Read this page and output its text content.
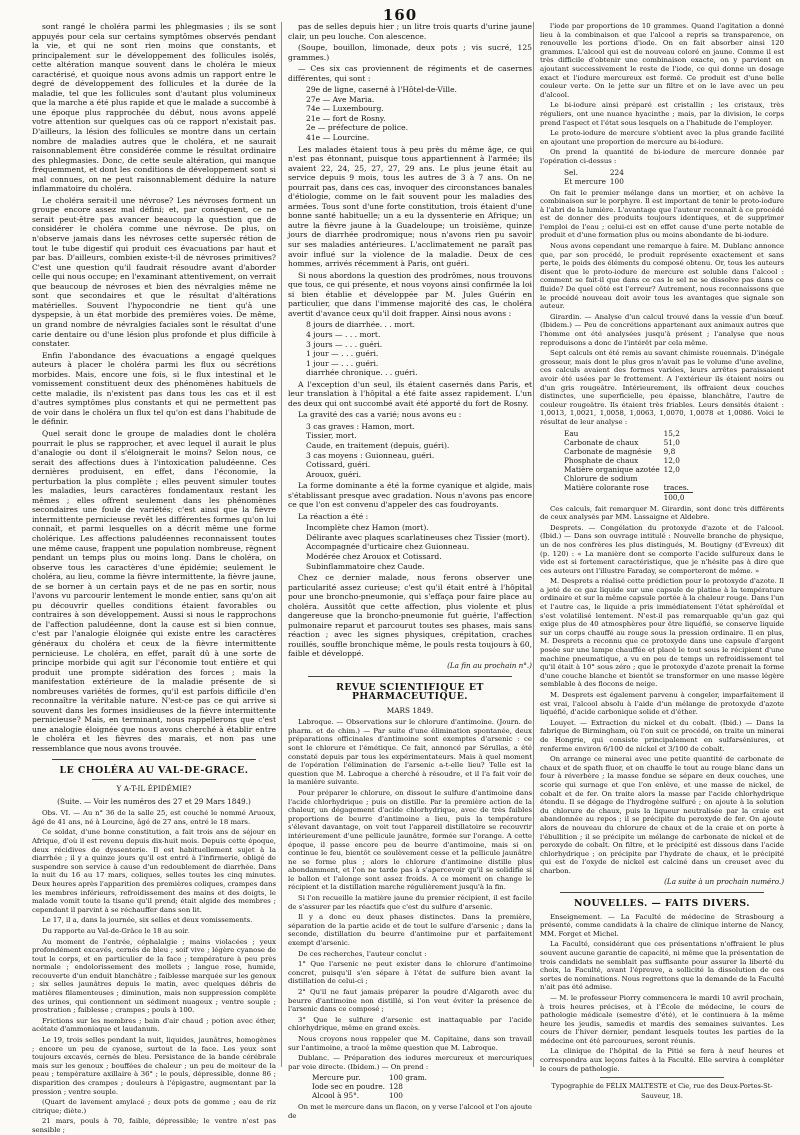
160

sont rangé le choléra parmi les phlegmasies ; ils se sont appuyés pour cela sur certains symptômes observés pendant la vie, et qui ne sont rien moins que constants, et principalement sur le développement des follicules isolés, cette altération manque souvent dans le choléra le mieux caractérisé, et quoique nous avons admis un rapport entre le degré de développement des follicules et la durée de la maladie, tel que les follicules sont d'autant plus volumineux que la marche a été plus rapide et que le malade a succombé à une époque plus rapprochée du début, nous avons appelé votre attention sur quelques cas où ce rapport n'existait pas. D'ailleurs, la lésion des follicules se montre dans un certain nombre de maladies autres que le choléra, et ne saurait raisonnablement être considérée comme le résultat ordinaire des phlegmasies. Donc, de cette seule altération, qui manque fréquemment, et dont les conditions de développement sont si mal connues, on ne peut raisonnablement déduire la nature inflammatoire du choléra.

Le choléra serait-il une névrose? Les névroses forment un groupe encore assez mal défini; et, par conséquent, ce ne serait peut-être pas avancer beaucoup la question que de considérer le choléra comme une névrose. De plus, on n'observe jamais dans les névroses cette superséc rétion de tout le tube digestif qui produit ces évacuations par haut et par bas. D'ailleurs, combien existe-t-il de névroses primitives? C'est une question qu'il faudrait résoudre avant d'aborder celle qui nous occupe; en l'examinant attentivement, on verrait que beaucoup de névroses et bien des névralgies même ne sont que secondaires et que le résultat d'altérations matérielles. Souvent l'hypocondrie ne tient qu'à une dyspepsie, à un état morbide des premières voies. De même, un grand nombre de névralgies faciales sont le résultat d'une carie dentaire ou d'une lésion plus profonde et plus difficile à constater.

Enfin l'abondance des évacuations a engagé quelques auteurs à placer le choléra parmi les flux ou sécrétions morbides. Mais, encore une fois, si le flux intestinal et le vomissement constituent deux des phénomènes habituels de cette maladie, ils n'existent pas dans tous les cas et il est d'autres symptômes plus constants et qui ne permettent pas de voir dans le choléra un flux tel qu'on est dans l'habitude de le définir.

Quel serait donc le groupe de maladies dont le choléra pourrait le plus se rapprocher, et avec lequel il aurait le plus d'analogie ou dont il s'éloignerait le moins? Selon nous, ce serait des affections dues à l'intoxication paludéenne. Ces dernières produisent, en effet, dans l'économie, la perturbation la plus complète ; elles peuvent simuler toutes les maladies, leurs caractères fondamentaux restant les mêmes ; elles offrent seulement dans les phénomènes secondaires une foule de variétés; c'est ainsi que la fièvre intermittente pernicieuse revêt les différentes formes qu'on lui connaît, et parmi lesquelles on a décrit même une forme cholérique. Les affections paludéennes reconnaissent toutes une même cause, frappent une population nombreuse, règnent pendant un temps plus ou moins long. Dans le choléra, on observe tous les caractères d'une épidémie; seulement le choléra, au lieu, comme la fièvre intermittente, la fièvre jaune, de se borner à un certain pays et de ne pas en sortir, nous l'avons vu parcourir lentement le monde entier, sans qu'on ait pu découvrir quelles conditions étaient favorables ou contraires à son développement. Aussi si nous le rapprochons de l'affection paludéenne, dont la cause est si bien connue, c'est par l'analogie éloignée qui existe entre les caractères généraux du choléra et ceux de la fièvre intermittente pernicieuse. Le choléra, en effet, paraît dû à une sorte de principe morbide qui agit sur l'économie tout entière et qui produit une prompte sidération des forces ; mais la manifestation extérieure de la maladie présente de si nombreuses variétés de formes, qu'il est parfois difficile d'en reconnaître la véritable nature. N'est-ce pas ce qui arrive si souvent dans les formes insidieuses de la fièvre intermittente pernicieuse? Mais, en terminant, nous rappellerons que c'est une analogie éloignée que nous avons cherché à établir entre le choléra et les fièvres des marais, et non pas une ressemblance que nous avons trouvée.

LE CHOLÉRA AU VAL-DE-GRACE.
Y A-T-IL ÉPIDÉMIE?
(Suite. — Voir les numéros des 27 et 29 Mars 1849.)

Obs. VI. — Au n° 36 de la salle 25, est couché le nommé Aruoux, âgé de 41 ans, né à Lourcine, âgé de 27 ans, entré le 18 mars.

Ce soldat, d'une bonne constitution, a fait trois ans de séjour en Afrique, d'où il est revenu depuis dix-huit mois. Depuis cette époque, deux récidives de dyssenterie. Il est habituellement sujet à la diarrhée ; il y a quinze jours qu'il est entré à l'infirmerie, obligé de suspendre son service à cause d'un redoublement de diarrhée. Dans la nuit du 16 au 17 mars, coliques, selles toutes les cinq minutes. Deux heures après l'apparition des premières coliques, crampes dans les membres inférieurs, refroidissement des mains et des doigts, le malade vomit toute la tisane qu'il prend; était algide des membres ; cependant il parvint à se réchauffer dans son lit.

Le 17, il a, dans la journée, six selles et deux vomissements.

Du rapporte au Val-de-Grâce le 18 au soir.

Au moment de l'entrée, céphalalgie ; mains violacées ; yeux profondément excavés, cernés de bleu ; soif vive ; légère cyanose de tout le corps, et en particulier de la face ; température à peu près normale ; endolorissement des mollets ; langue rose, humide, recouverte d'un enduit blanchâtre ; faiblesse marquée sur les genoux ; six selles jaunâtres depuis le matin, avec quelques débris de matières filamenteuses ; diminution, mais non suppression complète des urines, qui contiennent un sédiment nuageux ; ventre souple ; prostration ; faiblesse ; crampes ; pouls à 100.

Frictions sur les membres ; bain d'air chaud ; potion avec éther, acétate d'ammoniaque et laudanum.

Le 19, trois selles pendant la nuit, liquides, jaunâtres, homogènes ; encore un peu de cyanose, surtout de la face. Les yeux sont toujours excavés, cernés de bleu. Persistance de la bande cérébrale mais sur les genoux ; bouffées de chaleur ; un peu de moiteur de la peau ; température axillaire à 36° ; le pouls, dépressible, donne 86 ; disparition des crampes ; douleurs à l'épigastre, augmentant par la pression ; ventre souple.

(Quart de lavement amylacé ; deux pots de gomme ; eau de riz citrique; diète.)

21 mars, pouls à 70, faible, dépressible; le ventre n'est pas sensible ;

pas de selles depuis hier ; un litre trois quarts d'urine jaune clair, un peu louche. Con alescence.

(Soupe, bouillon, limonade, deux pots ; vis sucré, 125 grammes.)

— Ces six cas proviennent de régiments et de casernes différentes, qui sont :

29e de ligne, caserné à l'Hôtel-de-Ville.
27e — Ave Maria.
74e — Luxembourg.
21e — fort de Rosny.
2e — préfecture de police.
41e — Lourcine.

Les malades étaient tous à peu près du même âge, ce qui n'est pas étonnant, puisque tous appartiennent à l'armée; ils avaient 22, 24, 25, 27, 27, 29 ans. Le plus jeune était au service depuis 9 mois, tous les autres de 3 à 7 ans. On ne pourrait pas, dans ces cas, invoquer des circonstances banales d'étiologie, comme on le fait souvent pour les maladies des armées. Tous sont d'une forte constitution, trois étaient d'une bonne santé habituelle; un a eu la dyssenterie en Afrique; un autre la fièvre jaune à la Guadeloupe; un troisième, quinze jours de diarrhée prodromique; nous n'avons rien pu savoir sur ses maladies antérieures. L'acclimatement ne paraît pas avoir influé sur la violence de la maladie. Deux de ces hommes, arrivés récemment à Paris, ont guéri.

Si nous abordons la question des prodrômes, nous trouvons que tous, ce qui présente, et nous voyons ainsi confirmée la loi si bien établie et développée par M. Jules Guérin en particulier, que dans l'immense majorité des cas, le choléra avertit d'avance ceux qu'il doit frapper. Ainsi nous avons :

8 jours de diarrhée. . . mort.
4 jours — . . . mort.
3 jours — . . . guéri.
1 jour — . . . guéri.
1 jour — . . . guéri.
diarrhée chronique. . . guéri.

A l'exception d'un seul, ils étaient casernés dans Paris, et leur translation à l'hôpital a été faite assez rapidement. L'un des deux qui ont succombé avait été apporté du fort de Rosny.

La gravité des cas a varié; nous avons eu :

3 cas graves : Hamon, mort.
Tissier, mort.
Caude, en traitement (depuis, guéri).
3 cas moyens : Guionneau, guéri.
Cotissard, guéri.
Arouox, guéri.

La forme dominante a été la forme cyanique et algide, mais s'établissant presque avec gradation. Nous n'avons pas encore ce que l'on est convenu d'appeler des cas foudroyants.

La réaction a été :

Incomplète chez Hamon (mort).
Délirante avec plaques scarlatineuses chez Tissier (mort).
Accompagnée d'urticaire chez Guionneau.
Modérée chez Arouox et Cotissard.
Subinflammatoire chez Caude.

Chez ce dernier malade, nous ferons observer une particularité assez curieuse; c'est qu'il était entré à l'hôpital pour une broncho-pneumonie, qui s'effaça pour faire place au choléra. Aussitôt que cette affection, plus violente et plus dangereuse que la broncho-pneumonie fut guérie, l'affection pulmonaire reparut et parcourut toutes ses phases, mais sans réaction ; avec les signes physiques, crépitation, craches rouillés, souffle bronchique même, le pouls resta toujours à 60, faible et développé.

(La fin au prochain n°.)
REVUE SCIENTIFIQUE ET PHARMACEUTIQUE.
MARS 1849.

Labroque. — Observations sur le chlorure d'antimoine. (Journ. de pharm. et de chim.) — Par suite d'une élimination spontanée, deux préparations officinales d'antimoine sont exemptes d'arsenic : ce sont le chlorure et l'émétique. Ce fait, annoncé par Sérullas, a été constaté depuis par tous les expérimentateurs. Mais à quel moment de l'opération l'élimination de l'arsenic a-t-elle lieu? Telle est la question que M. Labroque a cherché à résoudre, et il l'a fait voir de la manière suivante.

Pour préparer le chlorure, on dissout le sulfure d'antimoine dans l'acide chlorhydrique ; puis on distille. Par la première action de la chaleur, un dégagement d'acide chlorhydrique, avec de très faibles proportions de beurre d'antimoine a lieu, puis la température s'élevant davantage, on voit tout l'appareil distillatoire se recouvrir intérieurement d'une pellicule jaunâtre, formée sur l'orange. A cette époque, il passe encore peu de beurre d'antimoine, mais si on continue le feu, bientôt ce soulèvement cesse et la pellicule jaunâtre ne se forme plus ; alors le chlorure d'antimoine distille plus abondamment, et l'on ne tarde pas à s'apercevoir qu'il se solidifie si le ballon et l'alonge sont assez froids. A ce moment on change le récipient et la distillation marche régulièrement jusqu'à la fin.

Si l'on recueille la matière jaune du premier récipient, il est facile de s'assurer par les réactifs que c'est du sulfure d'arsenic.

Il y a donc eu deux phases distinctes. Dans la première, séparation de la partie acide et de tout le sulfure d'arsenic ; dans la seconde, distillation du beurre d'antimoine pur et parfaitement exempt d'arsenic.

De ces recherches, l'auteur conclut :

1° Que l'arsenic ne peut exister dans le chlorure d'antimoine concret, puisqu'il s'en sépare à l'état de sulfure bien avant la distillation de celui-ci ;

2° Qu'il ne faut jamais préparer la poudre d'Algaroth avec du beurre d'antimoine non distillé, si l'on veut éviter la présence de l'arsenic dans ce composé ;

3° Que le sulfure d'arsenic est inattaquable par l'acide chlorhydrique, même en grand excès.

Nous croyons nous rappeler que M. Capitaine, dans son travail sur l'antimoine, a tracé la même question que M. Labroque.

Dublanc. — Préparation des iodures mercureux et mercuriques par voie directe. (Ibidem.) — On prend :

Mercure pur.	100 gram.
Iode sec en poudre.	128
Alcool à 95°.	100

On met le mercure dans un flacon, on y verse l'alcool et l'on ajoute de

l'iode par proportions de 10 grammes. Quand l'agitation a donné lieu à la combinaison et que l'alcool a repris sa transparence, on renouvelle les portions d'iode. On en fait absorber ainsi 120 grammes. L'alcool qui est de nouveau coloré en jaune. Comme il est très difficile d'obtenir une combinaison exacte, on y parvient en ajoutant successivement le reste de l'iode, ce qui donne un dosage exact et l'iodure mercureux est formé. Ce produit est d'une belle couleur verte. On le jette sur un filtre et on le lave avec un peu d'alcool.

Le bi-iodure ainsi préparé est cristallin ; les cristaux, très réguliers, ont une nuance hyacinthe ; mais, par la division, le corps prend l'aspect et l'état sous lesquels on a l'habitude de l'employer.

Le proto-iodure de mercure s'obtient avec la plus grande facilité en ajoutant une proportion de mercure au bi-iodure.

On prend la quantité de bi-iodure de mercure donnée par l'opération ci-dessus :

Sel.	224
Et mercure	100

On fait le premier mélange dans un mortier, et on achève la combinaison sur le porphyre. Il est important de tenir le proto-iodure à l'abri de la lumière. L'avantage que l'auteur reconnaît à ce procédé est de donner des produits toujours identiques, et de supprimer l'emploi de l'eau ; celui-ci est en effet cause d'une perte notable de produit et d'une formation plus ou moins abondante de bi-iodure.

Nous avons cependant une remarque à faire. M. Dublanc annonce que, par son procédé, le produit représente exactement et sans perte, le poids des éléments du composé obtenu. Or, tous les auteurs disent que le proto-iodure de mercure est soluble dans l'alcool : comment se fait-il que dans ce cas le sel ne se dissolve pas dans ce fluide? De quel côté est l'erreur? Autrement, nous reconnaissons que le procédé nouveau doit avoir tous les avantages que signale son auteur.

Girardin. — Analyse d'un calcul trouvé dans la vessie d'un bœuf. (Ibidem.) — Peu de concrétions appartenant aux animaux autres que l'homme ont été analysées jusqu'à présent ; l'analyse que nous reproduisons a donc de l'intérêt par cela même.

Sept calculs ont été remis au savant chimiste rouennais. D'inégale grosseur, mais dont le plus gros n'avait pas le volume d'une aveline, ces calculs avaient des formes variées, leurs arrêtes paraissaient avoir été usées par le frottement. A l'extérieur ils étaient noirs ou d'un gris rougeâtre. Intérieurement, ils offraient deux couches distinctes, une superficielle, peu épaisse, blanchâtre, l'autre de couleur rougeâtre. Ils étaient très friables. Leurs densités étaient : 1,0013, 1,0021, 1,0058, 1,0063, 1,0070, 1,0078 et 1,0086. Voici le résultat de leur analyse :

Eau	15,2
Carbonate de chaux	51,0
Carbonate de magnésie	9,8
Phosphate de chaux	12,0
Matière organique azotée	12,0
Chlorure de sodium	
Matière colorante rose	traces.
	100,0

Ces calculs, fait remarquer M. Girardin, sont donc très différents de ceux analysés par MM. Lassaigne et Aldebre.

Desprets. — Congélation du protoxyde d'azote et de l'alcool. (Ibid.) — Dans son ouvrage intitulé : Nouvelle branche de physique, un de nos confrères les plus distingués, M. Boutigny (d'Evreux) dit (p. 120) : « La manière dont se comporte l'acide sulfureux dans le vide est si fortement caractéristique, que je n'hésite pas à dire que ces auteurs ont l'illustre Faraday, se comporteront de même. »

M. Desprets a réalisé cette prédiction pour le protoxyde d'azote. Il a jeté de ce gaz liquide sur une capsule de platine à la température ordinaire et sur la même capsule portée à la chaleur rouge. Dans l'un et l'autre cas, le liquide a pris immédiatement l'état sphéroïdal et s'est volatilisé lentement. N'est-il pas remarquable qu'un gaz qui exige plus de 40 atmosphères pour être liquéfié, se conserve liquide sur un corps chauffé au rouge sous la pression ordinaire. Il en plus, M. Desprets a reconnu que ce protoxyde dans une capsule d'argent posée sur une lampe chauffée et placé le tout sous le récipient d'une machine pneumatique, a vu en peu de temps un refroidissement tel qu'il était à 10° sous zéro ; que le protoxyde d'azote prenait la forme d'une couche blanche et bientôt se transformer en une masse légère semblable à des flocons de neige.

M. Desprets est également parvenu à congeler, imparfaitement il est vrai, l'alcool absolu à l'aide d'un mélange de protoxyde d'azote liquéfié, d'acide carbonique solide et d'éther.

Louyet. — Extraction du nickel et du cobalt. (Ibid.) — Dans la fabrique de Birmingham, où l'on suit ce procédé, on traite un minerai de Hongrie, qui consiste principalement en sulfarséniures, et renferme environ 6/100 de nickel et 3/100 de cobalt.

On arrange ce minerai avec une petite quantité de carbonate de chaux et de spath fluor, et on chauffe le tout au rouge blanc dans un four à réverbère ; la masse fondue se sépare en deux couches, une scorie qui surnage et que l'on enlève, et une masse de nickel, de cobalt et de fer. On traite alors la masse par l'acide chlorhydrique étendu. Il se dégage de l'hydrogène sulfuré ; on ajoute à la solution du chlorure de chaux, puis la liqueur neutralisée par la craie est abandonnée au repos ; il se précipite du peroxyde de fer. On ajoute alors de nouveau du chlorure de chaux et de la craie et on porte à l'ébullition ; il se précipite un mélange de carbonate de nickel et de peroxyde de cobalt. On filtre, et le précipité est dissous dans l'acide chlorhydrique ; on précipite par l'hydrate de chaux, et le précipité qui est de l'oxyde de nickel est calciné dans un creuset avec du charbon.

(La suite à un prochain numéro.)
NOUVELLES. — FAITS DIVERS.

Enseignement. — La Faculté de médecine de Strasbourg a présenté, comme candidats à la chaire de clinique interne de Nancy, MM. Forget et Michel.

La Faculté, considérant que ces présentations n'offraient le plus souvent aucune garantie de capacité, ni même que la présentation de trois candidats ne semblait pas suffisante pour assurer la liberté du choix, la Faculté, avant l'épreuve, a sollicité la dissolution de ces sortes de nominations. Nous regrettons que la demande de la Faculté n'ait pas été admise.

— M. le professeur Piorry commencera le mardi 10 avril prochain, à trois heures précises, et à l'École de médecine, le cours de pathologie médicale (semestre d'été), et le continuera à la même heure les jeudis, samedis et mardis des semaines suivantes. Les cours de l'hiver dernier, pendant lesquels toutes les parties de la médecine ont été parcourues, seront réunis.

La clinique de l'hôpital de la Pitié se fera à neuf heures et correspondra aux leçons faites à la Faculté. Elle servira à compléter le cours de pathologie.

Typographie de FÉLIX MALTESTE et Cie, rue des Deux-Portes-St-Sauveur, 18.
